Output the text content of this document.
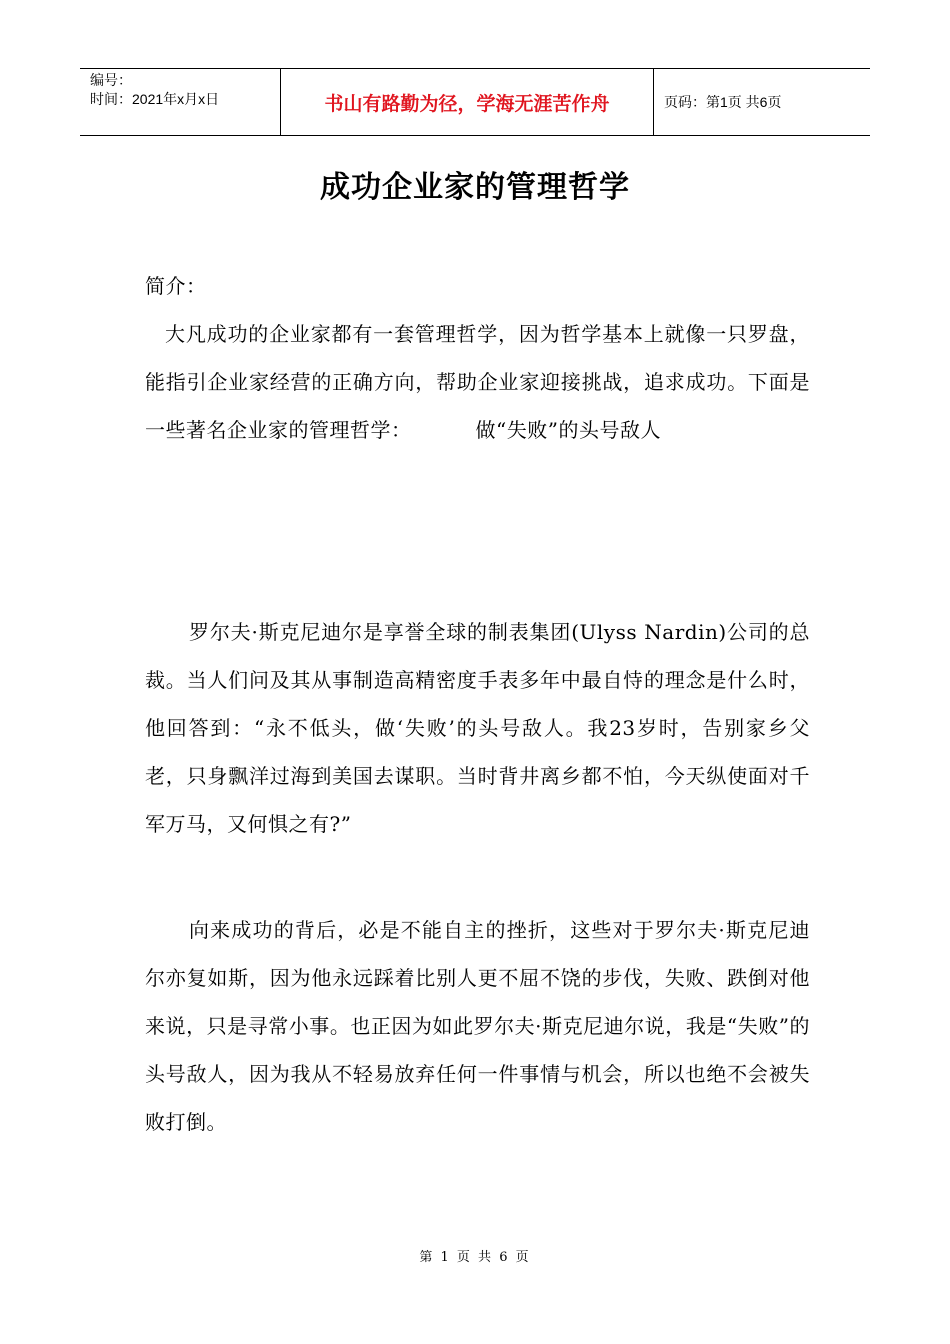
编号：
时间：2021年x月x日	书山有路勤为径，学海无涯苦作舟	页码：第1页 共6页
成功企业家的管理哲学
简介：
大凡成功的企业家都有一套管理哲学，因为哲学基本上就像一只罗盘，能指引企业家经营的正确方向，帮助企业家迎接挑战，追求成功。下面是一些著名企业家的管理哲学：	做“失败”的头号敌人
罗尔夫·斯克尼迪尔是享誉全球的制表集团(Ulyss Nardin)公司的总裁。当人们问及其从事制造高精密度手表多年中最自恃的理念是什么时，他回答到：“永不低头，做‘失败’的头号敌人。我23岁时，告别家乡父老，只身飘洋过海到美国去谋职。当时背井离乡都不怕，今天纵使面对千军万马，又何惧之有?”
向来成功的背后，必是不能自主的挫折，这些对于罗尔夫·斯克尼迪尔亦复如斯，因为他永远踩着比别人更不屈不饶的步伐，失败、跌倒对他来说，只是寻常小事。也正因为如此罗尔夫·斯克尼迪尔说，我是“失败”的头号敌人，因为我从不轻易放弃任何一件事情与机会，所以也绝不会被失败打倒。
第 1 页 共 6 页
